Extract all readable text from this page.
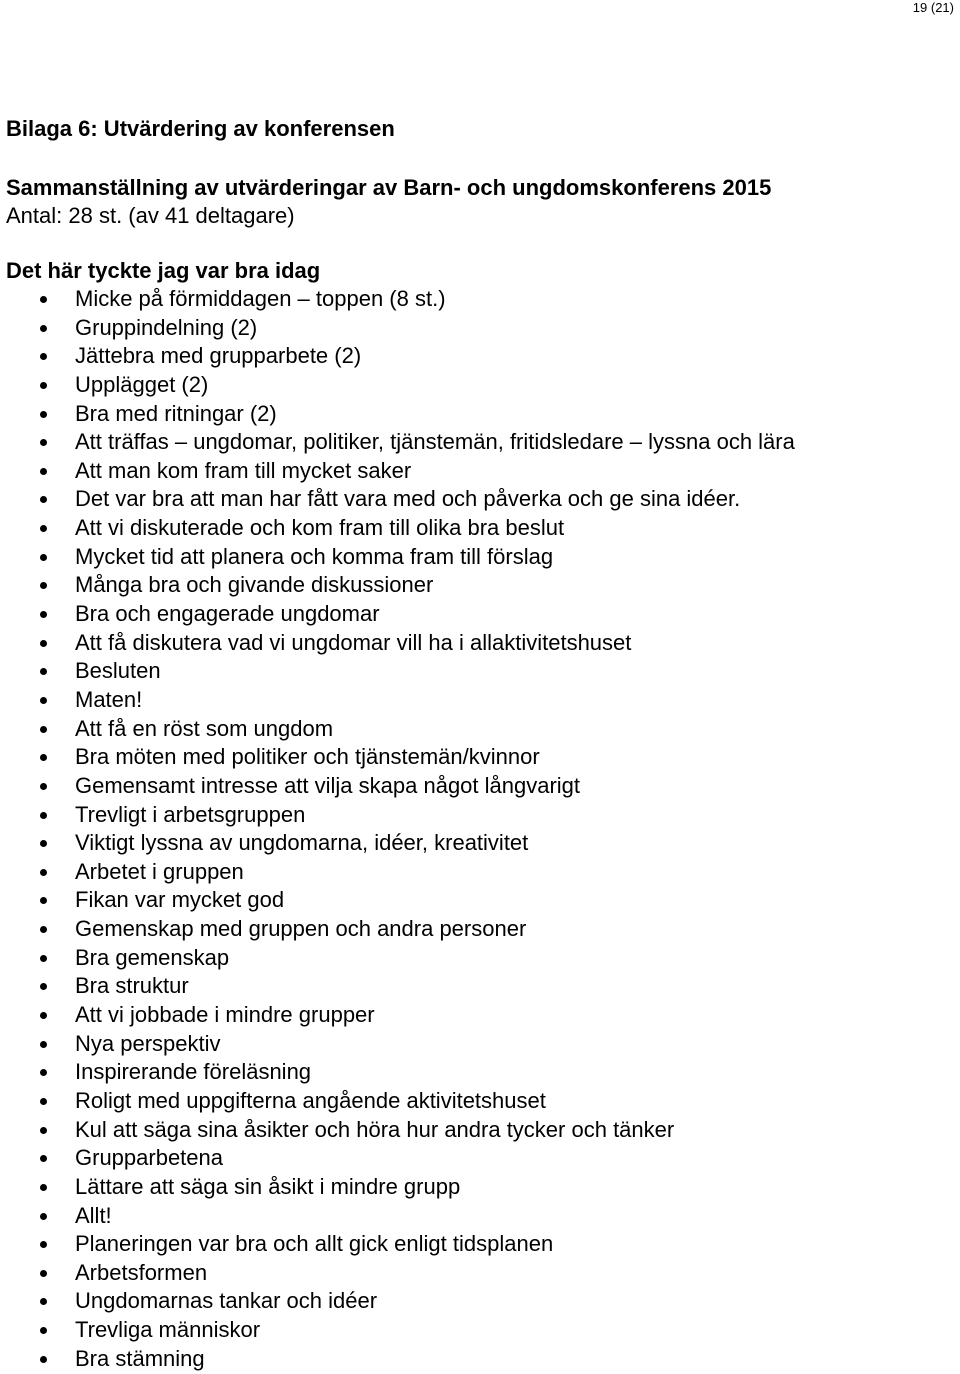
19 (21)
Bilaga 6: Utvärdering av konferensen
Sammanställning av utvärderingar av Barn- och ungdomskonferens 2015
Antal: 28 st. (av 41 deltagare)
Det här tyckte jag var bra idag
Micke på förmiddagen – toppen (8 st.)
Gruppindelning (2)
Jättebra med grupparbete (2)
Upplägget (2)
Bra med ritningar (2)
Att träffas – ungdomar, politiker, tjänstemän, fritidsledare – lyssna och lära
Att man kom fram till mycket saker
Det var bra att man har fått vara med och påverka och ge sina idéer.
Att vi diskuterade och kom fram till olika bra beslut
Mycket tid att planera och komma fram till förslag
Många bra och givande diskussioner
Bra och engagerade ungdomar
Att få diskutera vad vi ungdomar vill ha i allaktivitetshuset
Besluten
Maten!
Att få en röst som ungdom
Bra möten med politiker och tjänstemän/kvinnor
Gemensamt intresse att vilja skapa något långvarigt
Trevligt i arbetsgruppen
Viktigt lyssna av ungdomarna, idéer, kreativitet
Arbetet i gruppen
Fikan var mycket god
Gemenskap med gruppen och andra personer
Bra gemenskap
Bra struktur
Att vi jobbade i mindre grupper
Nya perspektiv
Inspirerande föreläsning
Roligt med uppgifterna angående aktivitetshuset
Kul att säga sina åsikter och höra hur andra tycker och tänker
Grupparbetena
Lättare att säga sin åsikt i mindre grupp
Allt!
Planeringen var bra och allt gick enligt tidsplanen
Arbetsformen
Ungdomarnas tankar och idéer
Trevliga människor
Bra stämning
